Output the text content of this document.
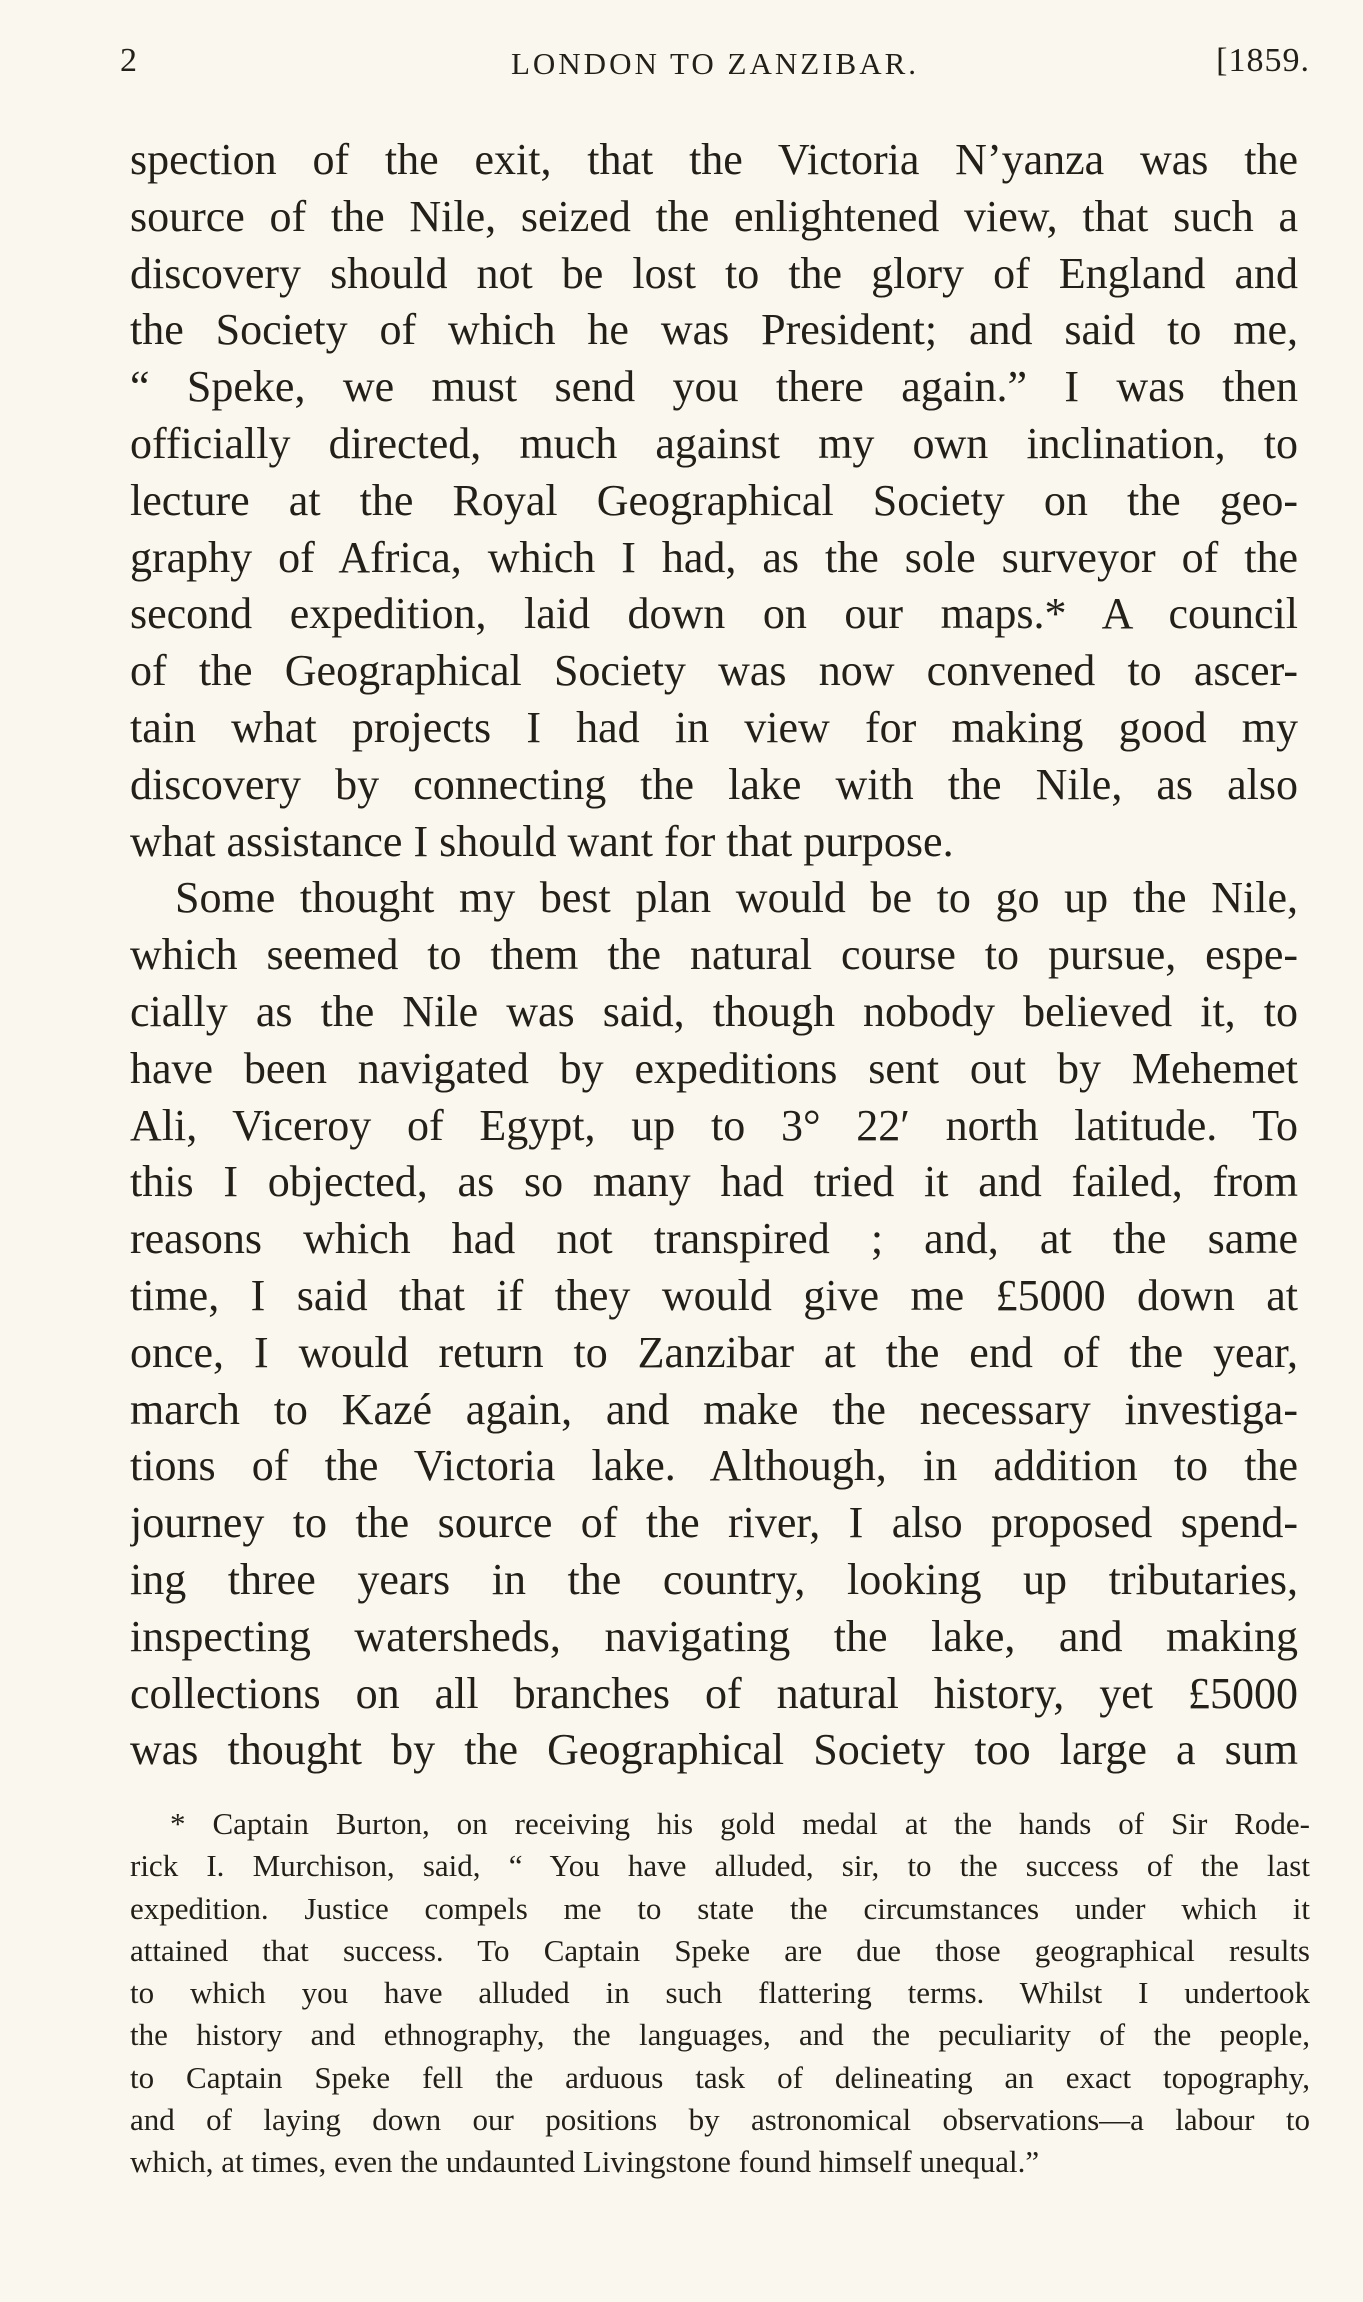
2	LONDON TO ZANZIBAR.	[1859.
spection of the exit, that the Victoria N’yanza was the
source of the Nile, seized the enlightened view, that such a
discovery should not be lost to the glory of England and
the Society of which he was President; and said to me,
“ Speke, we must send you there again.” I was then
officially directed, much against my own inclination, to
lecture at the Royal Geographical Society on the geo-
graphy of Africa, which I had, as the sole surveyor of the
second expedition, laid down on our maps.* A council
of the Geographical Society was now convened to ascer-
tain what projects I had in view for making good my
discovery by connecting the lake with the Nile, as also
what assistance I should want for that purpose.
Some thought my best plan would be to go up the Nile,
which seemed to them the natural course to pursue, espe-
cially as the Nile was said, though nobody believed it, to
have been navigated by expeditions sent out by Mehemet
Ali, Viceroy of Egypt, up to 3° 22′ north latitude. To
this I objected, as so many had tried it and failed, from
reasons which had not transpired ; and, at the same
time, I said that if they would give me £5000 down at
once, I would return to Zanzibar at the end of the year,
march to Kazé again, and make the necessary investiga-
tions of the Victoria lake. Although, in addition to the
journey to the source of the river, I also proposed spend-
ing three years in the country, looking up tributaries,
inspecting watersheds, navigating the lake, and making
collections on all branches of natural history, yet £5000
was thought by the Geographical Society too large a sum
* Captain Burton, on receiving his gold medal at the hands of Sir Rode-
rick I. Murchison, said, “ You have alluded, sir, to the success of the last
expedition. Justice compels me to state the circumstances under which it
attained that success. To Captain Speke are due those geographical results
to which you have alluded in such flattering terms. Whilst I undertook
the history and ethnography, the languages, and the peculiarity of the people,
to Captain Speke fell the arduous task of delineating an exact topography,
and of laying down our positions by astronomical observations—a labour to
which, at times, even the undaunted Livingstone found himself unequal.”
